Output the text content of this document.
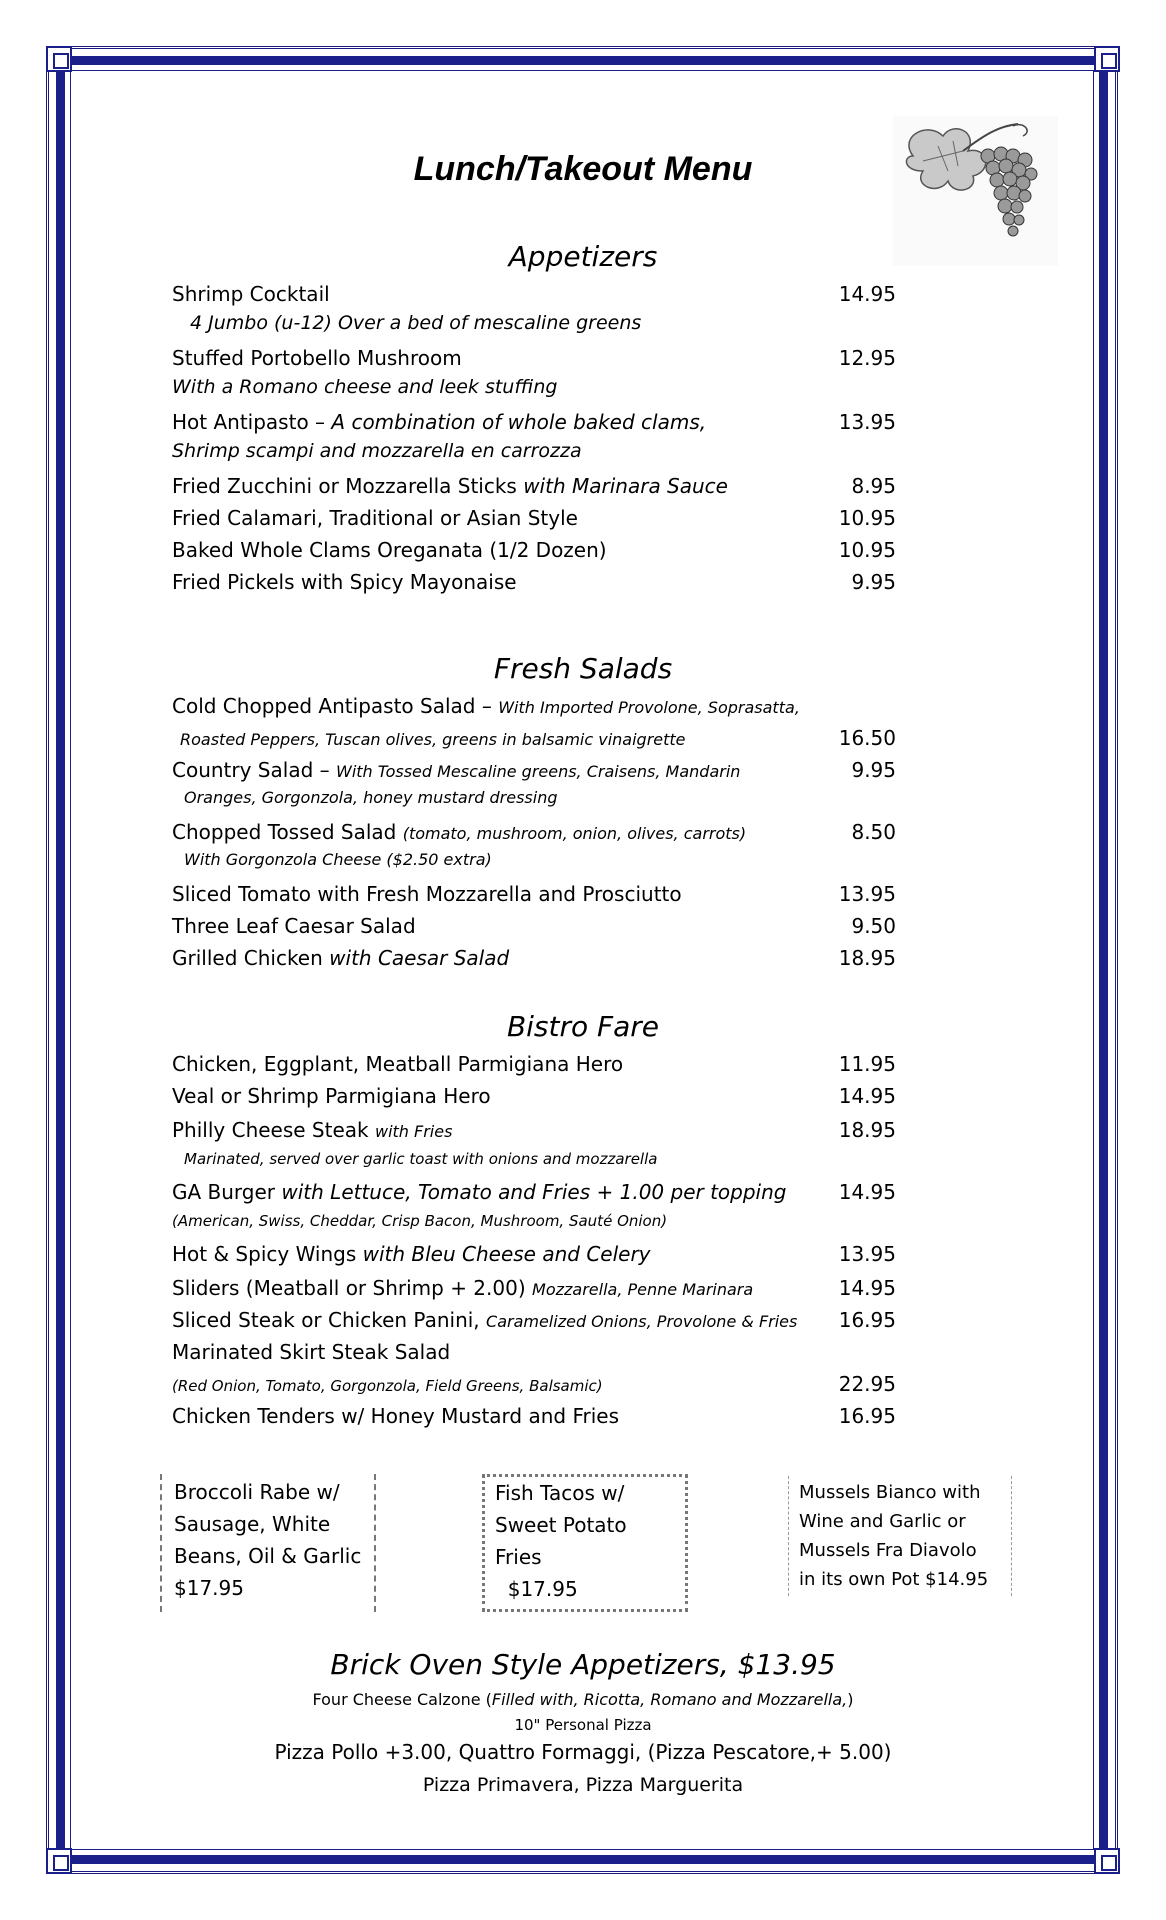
Lunch/Takeout Menu
Appetizers
Shrimp Cocktail	14.95
4 Jumbo (u-12) Over a bed of mescaline greens
Stuffed Portobello Mushroom	12.95
With a Romano cheese and leek stuffing
Hot Antipasto – A combination of whole baked clams,	13.95
Shrimp scampi and mozzarella en carrozza
Fried Zucchini or Mozzarella Sticks with Marinara Sauce	8.95
Fried Calamari, Traditional or Asian Style	10.95
Baked Whole Clams Oreganata (1/2 Dozen)	10.95
Fried Pickels with Spicy Mayonaise	9.95
Fresh Salads
Cold Chopped Antipasto Salad – With Imported Provolone, Soprasatta,
Roasted Peppers, Tuscan olives, greens in balsamic vinaigrette	16.50
Country Salad – With Tossed Mescaline greens, Craisens, Mandarin	9.95
Oranges, Gorgonzola, honey mustard dressing
Chopped Tossed Salad (tomato, mushroom, onion, olives, carrots)	8.50
With Gorgonzola Cheese ($2.50 extra)
Sliced Tomato with Fresh Mozzarella and Prosciutto	13.95
Three Leaf Caesar Salad	9.50
Grilled Chicken with Caesar Salad	18.95
Bistro Fare
Chicken, Eggplant, Meatball Parmigiana Hero	11.95
Veal or Shrimp Parmigiana Hero	14.95
Philly Cheese Steak with Fries	18.95
Marinated, served over garlic toast with onions and mozzarella
GA Burger with Lettuce, Tomato and Fries + 1.00 per topping	14.95
(American, Swiss, Cheddar, Crisp Bacon, Mushroom, Sauté Onion)
Hot & Spicy Wings with Bleu Cheese and Celery	13.95
Sliders (Meatball or Shrimp + 2.00) Mozzarella, Penne Marinara	14.95
Sliced Steak or Chicken Panini, Caramelized Onions, Provolone & Fries 16.95
Marinated Skirt Steak Salad
(Red Onion, Tomato, Gorgonzola, Field Greens, Balsamic)	22.95
Chicken Tenders w/ Honey Mustard and Fries	16.95
Broccoli Rabe w/
Sausage, White
Beans, Oil & Garlic
$17.95
Fish Tacos w/
Sweet Potato
Fries
$17.95
Mussels Bianco with
Wine and Garlic or
Mussels Fra Diavolo
in its own Pot $14.95
Brick Oven Style Appetizers, $13.95
Four Cheese Calzone (Filled with, Ricotta, Romano and Mozzarella,)
10" Personal Pizza
Pizza Pollo +3.00, Quattro Formaggi, (Pizza Pescatore,+ 5.00)
Pizza Primavera, Pizza Marguerita
